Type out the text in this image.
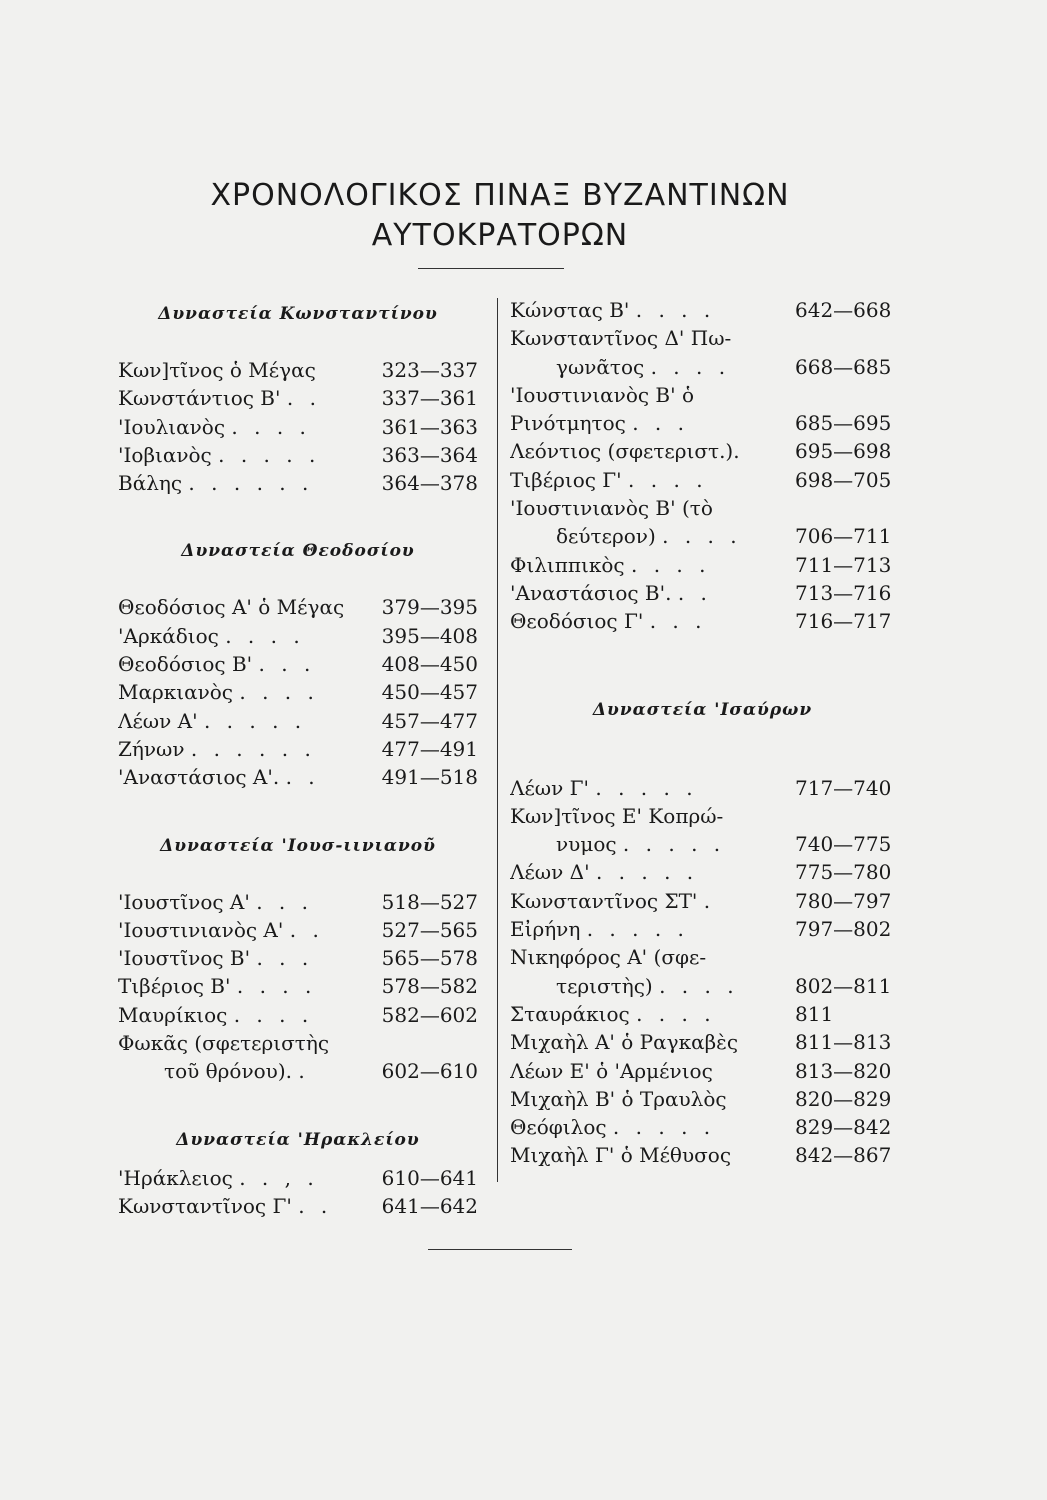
ΧΡΟΝΟΛΟΓΙΚΟΣ ΠΙΝΑΞ ΒΥΖΑΝΤΙΝΩΝ
ΑΥΤΟΚΡΑΤΟΡΩΝ
Δυναστεία Κωνσταντίνου
Κων]τῖνος ὁ Μέγας	323—337
Κωνστάντιος Β' . .	337—361
'Ιουλιανὸς . . . .	361—363
'Ιοβιανὸς . . . . .	363—364
Βάλης . . . . . .	364—378
Δυναστεία Θεοδοσίου
Θεοδόσιος Α' ὁ Μέγας	379—395
'Αρκάδιος . . . .	395—408
Θεοδόσιος Β' . . .	408—450
Μαρκιανὸς . . . .	450—457
Λέων Α' . . . . .	457—477
Ζήνων . . . . . .	477—491
'Αναστάσιος Α'. . .	491—518
Δυναστεία 'Ιουσ-ιινιανοῦ
'Ιουστῖνος Α' . . .	518—527
'Ιουστινιανὸς Α' . .	527—565
'Ιουστῖνος Β' . . .	565—578
Τιβέριος Β' . . . .	578—582
Μαυρίκιος . . . .	582—602
Φωκᾶς (σφετεριστὴς
τοῦ θρόνου). .	602—610
Δυναστεία 'Ηρακλείου
'Ηράκλειος . . , .	610—641
Κωνσταντῖνος Γ' . .	641—642
Κώνστας Β' . . . .	642—668
Κωνσταντῖνος Δ' Πω-
γωνᾶτος . . . .	668—685
'Ιουστινιανὸς Β' ὁ
Ρινότμητος . . .	685—695
Λεόντιος (σφετεριστ.).	695—698
Τιβέριος Γ' . . . .	698—705
'Ιουστινιανὸς Β' (τὸ
δεύτερον) . . . .	706—711
Φιλιππικὸς . . . .	711—713
'Αναστάσιος Β'. . .	713—716
Θεοδόσιος Γ' . . .	716—717
Δυναστεία 'Ισαύρων
Λέων Γ' . . . . .	717—740
Κων]τῖνος Ε' Κοπρώ-
νυμος . . . . .	740—775
Λέων Δ' . . . . .	775—780
Κωνσταντῖνος ΣΤ' .	780—797
Εἰρήνη . . . . .	797—802
Νικηφόρος Α' (σφε-
τεριστὴς) . . . .	802—811
Σταυράκιος . . . .	811
Μιχαὴλ Α' ὁ Ραγκαβὲς	811—813
Λέων Ε' ὁ 'Αρμένιος	813—820
Μιχαὴλ Β' ὁ Τραυλὸς	820—829
Θεόφιλος . . . . .	829—842
Μιχαὴλ Γ' ὁ Μέθυσος	842—867
